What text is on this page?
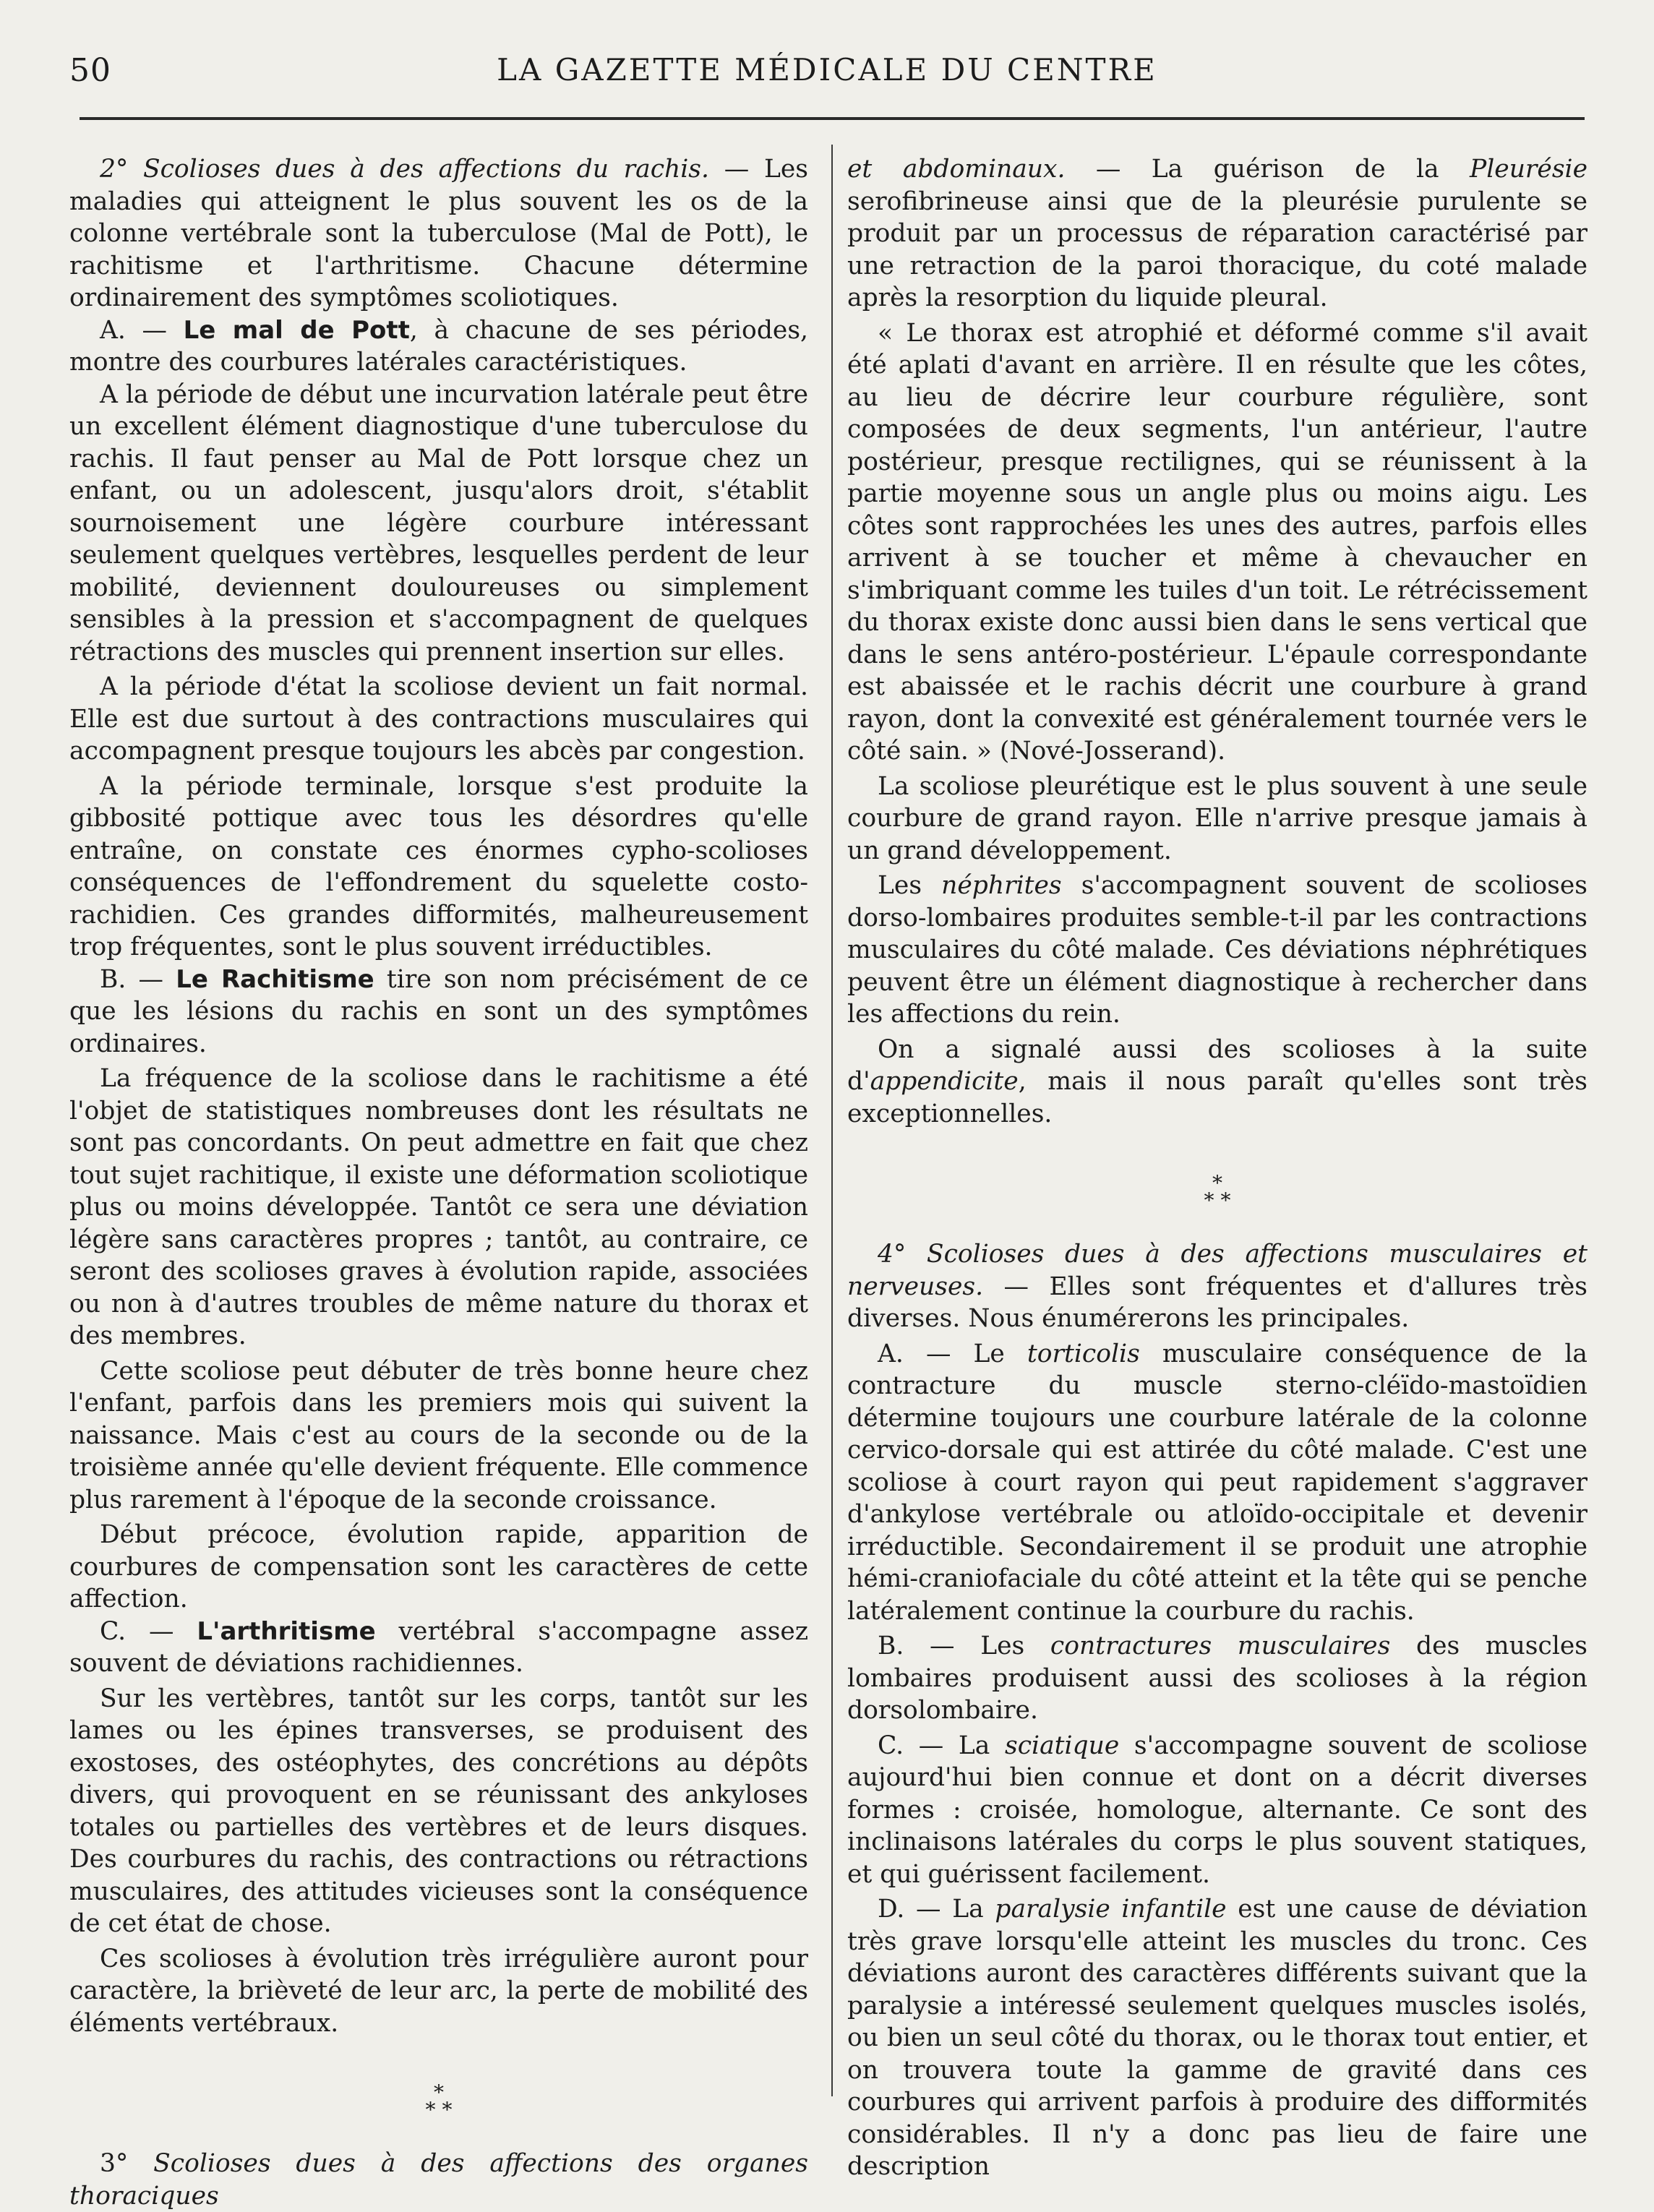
50	LA GAZETTE MÉDICALE DU CENTRE

2° Scolioses dues à des affections du rachis. — Les maladies qui atteignent le plus souvent les os de la colonne vertébrale sont la tuberculose (Mal de Pott), le rachitisme et l'arthritisme. Chacune détermine ordinairement des symptômes scoliotiques.

A. — Le mal de Pott, à chacune de ses périodes, montre des courbures latérales caractéristiques.

A la période de début une incurvation latérale peut être un excellent élément diagnostique d'une tuberculose du rachis. Il faut penser au Mal de Pott lorsque chez un enfant, ou un adolescent, jusqu'alors droit, s'établit sournoisement une légère courbure intéressant seulement quelques vertèbres, lesquelles perdent de leur mobilité, deviennent douloureuses ou simplement sensibles à la pression et s'accompagnent de quelques rétractions des muscles qui prennent insertion sur elles.

A la période d'état la scoliose devient un fait normal. Elle est due surtout à des contractions musculaires qui accompagnent presque toujours les abcès par congestion.

A la période terminale, lorsque s'est produite la gibbosité pottique avec tous les désordres qu'elle entraîne, on constate ces énormes cypho-scolioses conséquences de l'effondrement du squelette costo-rachidien. Ces grandes difformités, malheureusement trop fréquentes, sont le plus souvent irréductibles.

B. — Le Rachitisme tire son nom précisément de ce que les lésions du rachis en sont un des symptômes ordinaires.

La fréquence de la scoliose dans le rachitisme a été l'objet de statistiques nombreuses dont les résultats ne sont pas concordants. On peut admettre en fait que chez tout sujet rachitique, il existe une déformation scoliotique plus ou moins développée. Tantôt ce sera une déviation légère sans caractères propres ; tantôt, au contraire, ce seront des scolioses graves à évolution rapide, associées ou non à d'autres troubles de même nature du thorax et des membres.

Cette scoliose peut débuter de très bonne heure chez l'enfant, parfois dans les premiers mois qui suivent la naissance. Mais c'est au cours de la seconde ou de la troisième année qu'elle devient fréquente. Elle commence plus rarement à l'époque de la seconde croissance.

Début précoce, évolution rapide, apparition de courbures de compensation sont les caractères de cette affection.

C. — L'arthritisme vertébral s'accompagne assez souvent de déviations rachidiennes.

Sur les vertèbres, tantôt sur les corps, tantôt sur les lames ou les épines transverses, se produisent des exostoses, des ostéophytes, des concrétions au dépôts divers, qui provoquent en se réunissant des ankyloses totales ou partielles des vertèbres et de leurs disques. Des courbures du rachis, des contractions ou rétractions musculaires, des attitudes vicieuses sont la conséquence de cet état de chose.

Ces scolioses à évolution très irrégulière auront pour caractère, la brièveté de leur arc, la perte de mobilité des éléments vertébraux.

*
* *

3° Scolioses dues à des affections des organes thoraciques

et abdominaux. — La guérison de la Pleurésie serofibrineuse ainsi que de la pleurésie purulente se produit par un processus de réparation caractérisé par une retraction de la paroi thoracique, du coté malade après la resorption du liquide pleural.

« Le thorax est atrophié et déformé comme s'il avait été aplati d'avant en arrière. Il en résulte que les côtes, au lieu de décrire leur courbure régulière, sont composées de deux segments, l'un antérieur, l'autre postérieur, presque rectilignes, qui se réunissent à la partie moyenne sous un angle plus ou moins aigu. Les côtes sont rapprochées les unes des autres, parfois elles arrivent à se toucher et même à chevaucher en s'imbriquant comme les tuiles d'un toit. Le rétrécissement du thorax existe donc aussi bien dans le sens vertical que dans le sens antéro-postérieur. L'épaule correspondante est abaissée et le rachis décrit une courbure à grand rayon, dont la convexité est généralement tournée vers le côté sain. » (Nové-Josserand).

La scoliose pleurétique est le plus souvent à une seule courbure de grand rayon. Elle n'arrive presque jamais à un grand développement.

Les néphrites s'accompagnent souvent de scolioses dorso-lombaires produites semble-t-il par les contractions musculaires du côté malade. Ces déviations néphrétiques peuvent être un élément diagnostique à rechercher dans les affections du rein.

On a signalé aussi des scolioses à la suite d'appendicite, mais il nous paraît qu'elles sont très exceptionnelles.

*
* *

4° Scolioses dues à des affections musculaires et nerveuses. — Elles sont fréquentes et d'allures très diverses. Nous énumérerons les principales.

A. — Le torticolis musculaire conséquence de la contracture du muscle sterno-cléïdo-mastoïdien détermine toujours une courbure latérale de la colonne cervico-dorsale qui est attirée du côté malade. C'est une scoliose à court rayon qui peut rapidement s'aggraver d'ankylose vertébrale ou atloïdo-occipitale et devenir irréductible. Secondairement il se produit une atrophie hémi-craniofaciale du côté atteint et la tête qui se penche latéralement continue la courbure du rachis.

B. — Les contractures musculaires des muscles lombaires produisent aussi des scolioses à la région dorsolombaire.

C. — La sciatique s'accompagne souvent de scoliose aujourd'hui bien connue et dont on a décrit diverses formes : croisée, homologue, alternante. Ce sont des inclinaisons latérales du corps le plus souvent statiques, et qui guérissent facilement.

D. — La paralysie infantile est une cause de déviation très grave lorsqu'elle atteint les muscles du tronc. Ces déviations auront des caractères différents suivant que la paralysie a intéressé seulement quelques muscles isolés, ou bien un seul côté du thorax, ou le thorax tout entier, et on trouvera toute la gamme de gravité dans ces courbures qui arrivent parfois à produire des difformités considérables. Il n'y a donc pas lieu de faire une description
